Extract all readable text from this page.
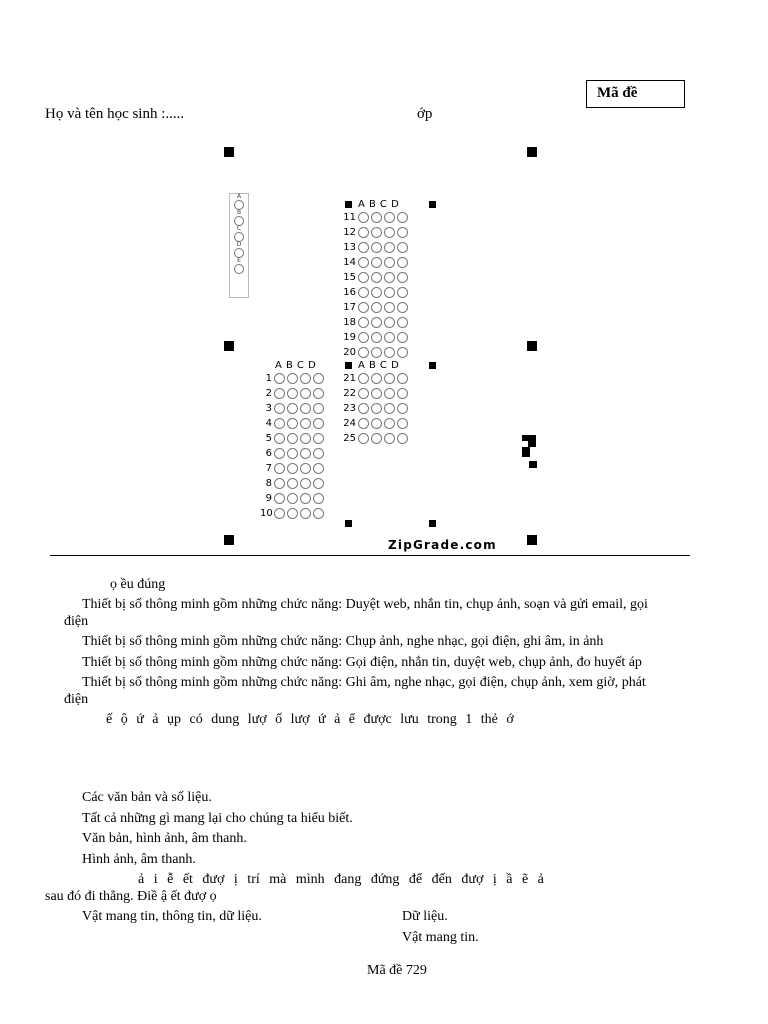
Mã đề
Họ và tên học sinh :.....	ớp
A
B
C
D
E
ABCD
1
2
3
4
5
6
7
8
9
10
ABCD
11
12
13
14
15
16
17
18
19
20
ABCD
21
22
23
24
25
ZipGrade.com
ọ ều đúng
Thiết bị số thông minh gồm những chức năng: Duyệt web, nhắn tin, chụp ảnh, soạn và gửi email, gọi
điện
Thiết bị số thông minh gồm những chức năng: Chụp ảnh, nghe nhạc, gọi điện, ghi âm, in ảnh
Thiết bị số thông minh gồm những chức năng: Gọi điện, nhắn tin, duyệt web, chụp ảnh, đo huyết áp
Thiết bị số thông minh gồm những chức năng: Ghi âm, nghe nhạc, gọi điện, chụp ảnh, xem giờ, phát
điện
ế ộ ứ ả ụp có dung lượ ố lượ ứ ả ể được lưu trong 1 thẻ ớ
Các văn bản và số liệu.
Tất cả những gì mang lại cho chúng ta hiểu biết.
Văn bản, hình ảnh, âm thanh.
Hình ảnh, âm thanh.
ả i ễ ết đượ ị trí mà mình đang đứng để đến đượ ị ầ ẽ ả
sau đó đi thẳng. Điề ậ ết đượ ọ
Vật mang tin, thông tin, dữ liệu.	Dữ liệu.
Vật mang tin.
Mã đề 729
